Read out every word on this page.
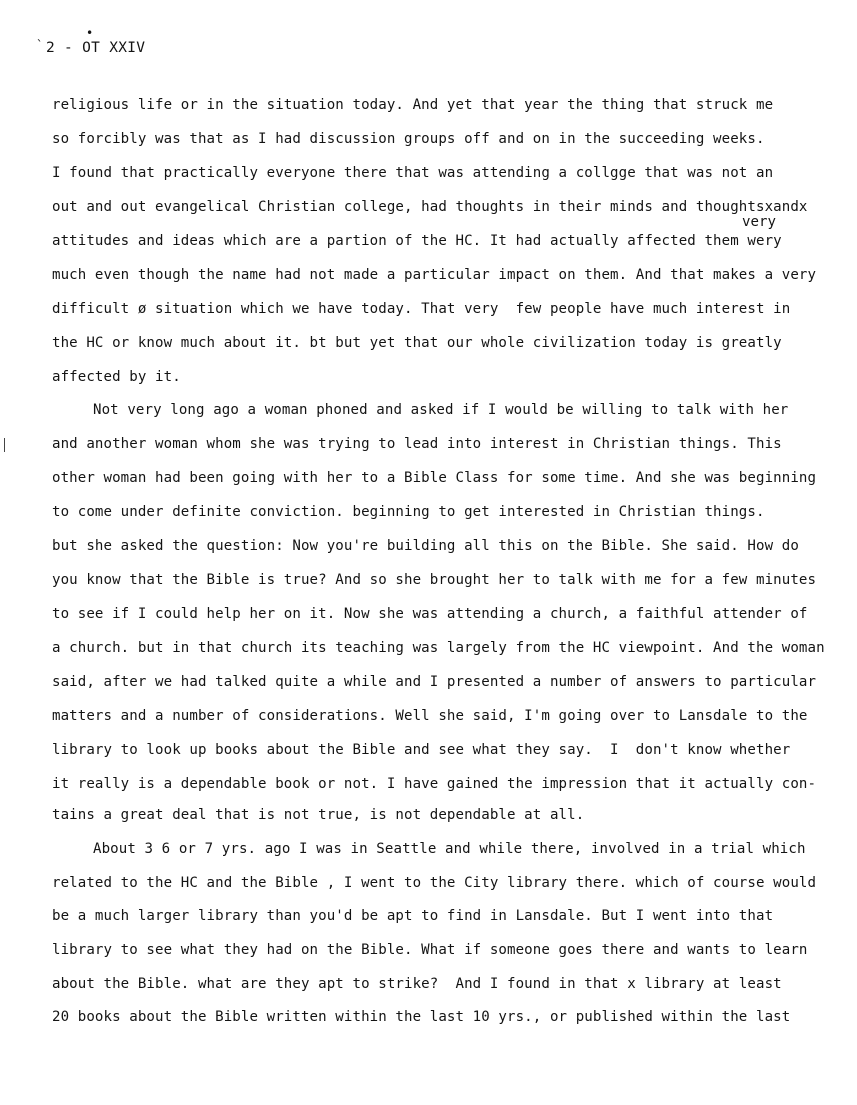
`
•
2 - OT XXIV
very
religious life or in the situation today. And yet that year the thing that struck me
so forcibly was that as I had discussion groups off and on in the succeeding weeks.
I found that practically everyone there that was attending a collgge that was not an
out and out evangelical Christian college, had thoughts in their minds and thoughtsxandx
attitudes and ideas which are a partion of the HC. It had actually affected them wery
much even though the name had not made a particular impact on them. And that makes a very
difficult ø situation which we have today. That very  few people have much interest in
the HC or know much about it. bt but yet that our whole civilization today is greatly
affected by it.
Not very long ago a woman phoned and asked if I would be willing to talk with her
and another woman whom she was trying to lead into interest in Christian things. This
other woman had been going with her to a Bible Class for some time. And she was beginning
to come under definite conviction. beginning to get interested in Christian things.
but she asked the question: Now you're building all this on the Bible. She said. How do
you know that the Bible is true? And so she brought her to talk with me for a few minutes
to see if I could help her on it. Now she was attending a church, a faithful attender of
a church. but in that church its teaching was largely from the HC viewpoint. And the woman
said, after we had talked quite a while and I presented a number of answers to particular
matters and a number of considerations. Well she said, I'm going over to Lansdale to the
library to look up books about the Bible and see what they say.  I  don't know whether
it really is a dependable book or not. I have gained the impression that it actually con-
tains a great deal that is not true, is not dependable at all.
About 3 6 or 7 yrs. ago I was in Seattle and while there, involved in a trial which
related to the HC and the Bible , I went to the City library there. which of course would
be a much larger library than you'd be apt to find in Lansdale. But I went into that
library to see what they had on the Bible. What if someone goes there and wants to learn
about the Bible. what are they apt to strike?  And I found in that x library at least
20 books about the Bible written within the last 10 yrs., or published within the last
